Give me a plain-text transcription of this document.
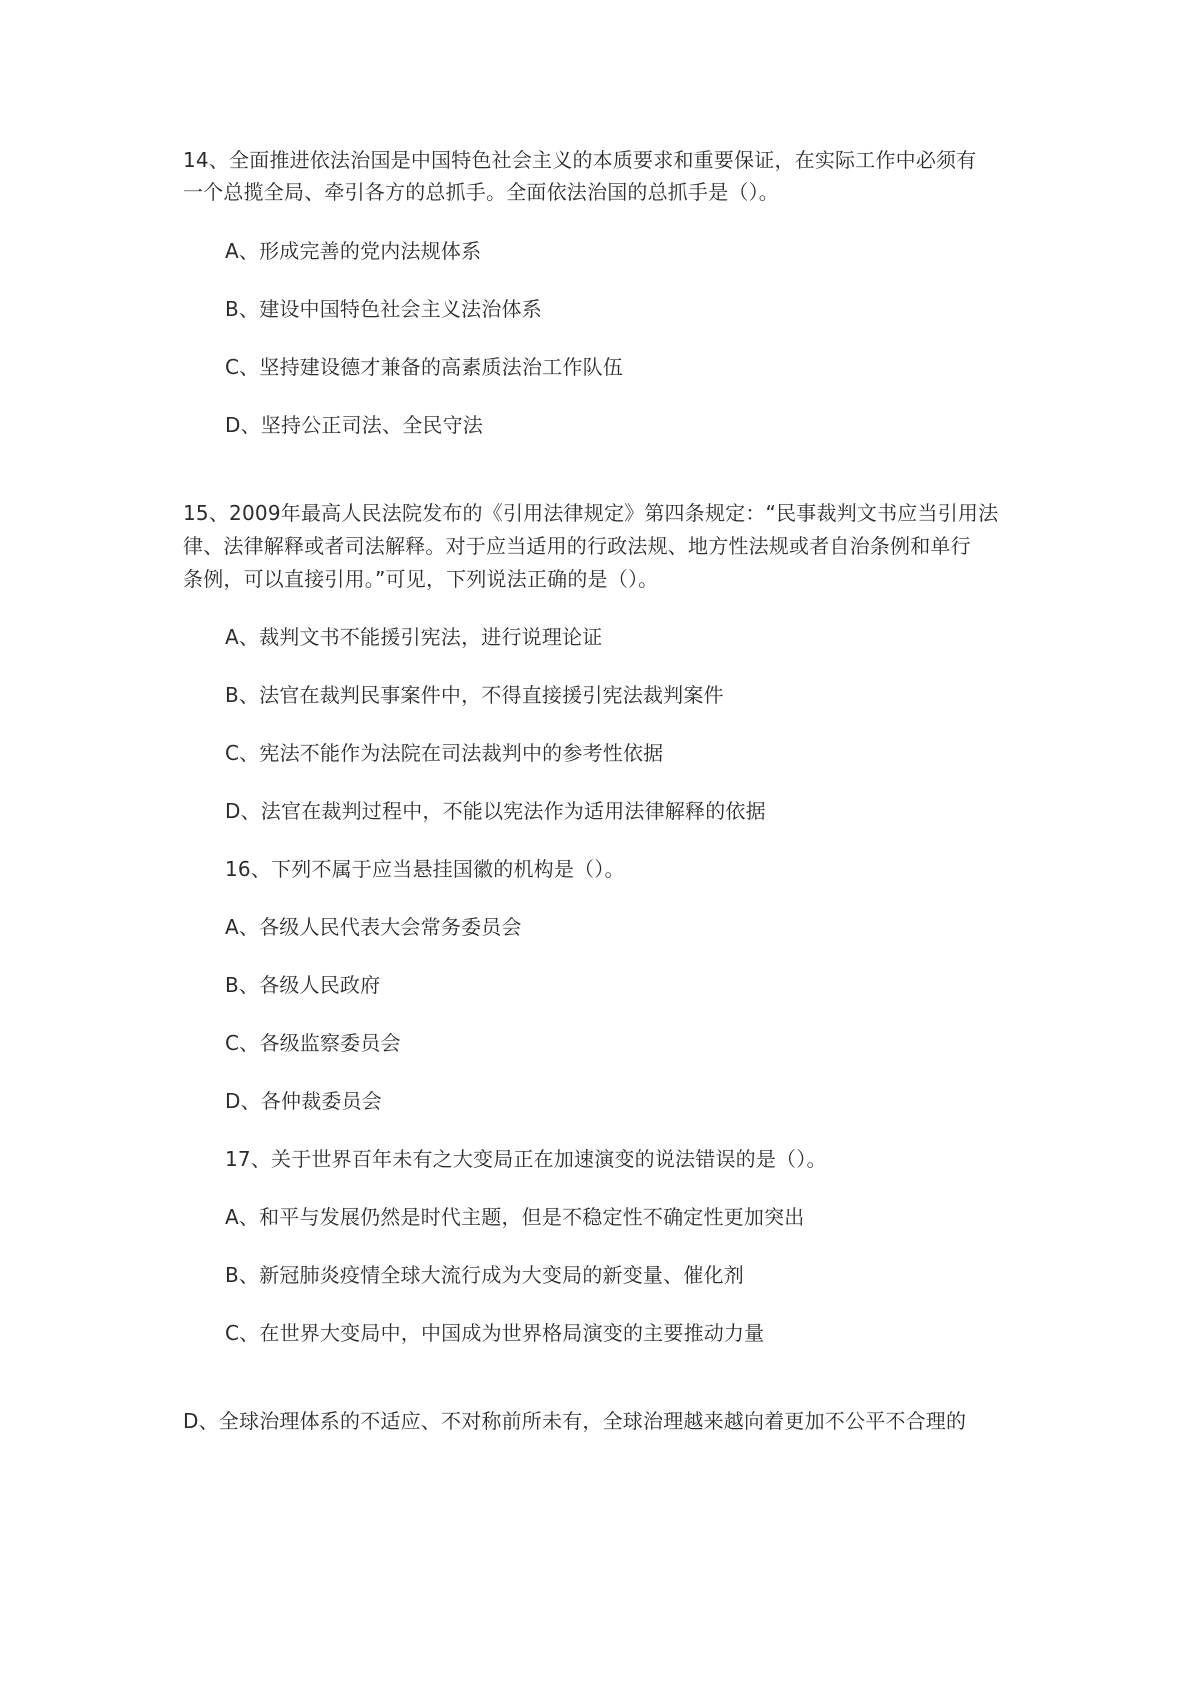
14、全面推进依法治国是中国特色社会主义的本质要求和重要保证，在实际工作中必须有
一个总揽全局、牵引各方的总抓手。全面依法治国的总抓手是（）。
A、形成完善的党内法规体系
B、建设中国特色社会主义法治体系
C、坚持建设德才兼备的高素质法治工作队伍
D、坚持公正司法、全民守法
15、2009年最高人民法院发布的《引用法律规定》第四条规定：“民事裁判文书应当引用法
律、法律解释或者司法解释。对于应当适用的行政法规、地方性法规或者自治条例和单行
条例，可以直接引用。”可见，下列说法正确的是（）。
A、裁判文书不能援引宪法，进行说理论证
B、法官在裁判民事案件中，不得直接援引宪法裁判案件
C、宪法不能作为法院在司法裁判中的参考性依据
D、法官在裁判过程中，不能以宪法作为适用法律解释的依据
16、下列不属于应当悬挂国徽的机构是（）。
A、各级人民代表大会常务委员会
B、各级人民政府
C、各级监察委员会
D、各仲裁委员会
17、关于世界百年未有之大变局正在加速演变的说法错误的是（）。
A、和平与发展仍然是时代主题，但是不稳定性不确定性更加突出
B、新冠肺炎疫情全球大流行成为大变局的新变量、催化剂
C、在世界大变局中，中国成为世界格局演变的主要推动力量
D、全球治理体系的不适应、不对称前所未有，全球治理越来越向着更加不公平不合理的
